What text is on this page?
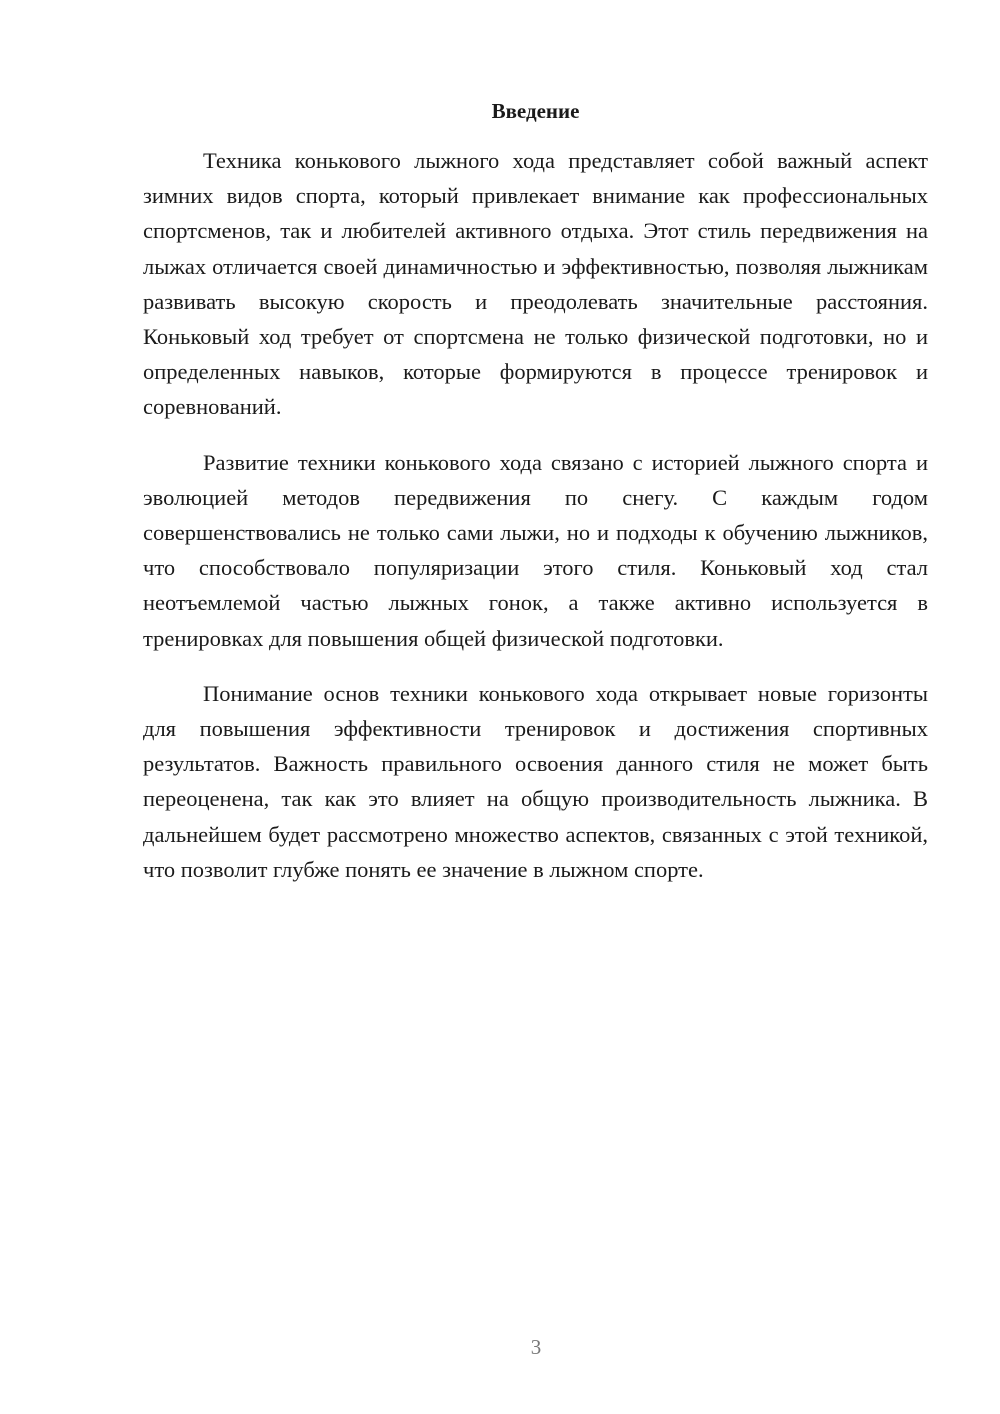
Введение

Техника конькового лыжного хода представляет собой важный аспект зимних видов спорта, который привлекает внимание как профессиональных спортсменов, так и любителей активного отдыха. Этот стиль передвижения на лыжах отличается своей динамичностью и эффективностью, позволяя лыжникам развивать высокую скорость и преодолевать значительные расстояния. Коньковый ход требует от спортсмена не только физической подготовки, но и определенных навыков, которые формируются в процессе тренировок и соревнований.

Развитие техники конькового хода связано с историей лыжного спорта и эволюцией методов передвижения по снегу. С каждым годом совершенствовались не только сами лыжи, но и подходы к обучению лыжников, что способствовало популяризации этого стиля. Коньковый ход стал неотъемлемой частью лыжных гонок, а также активно используется в тренировках для повышения общей физической подготовки.

Понимание основ техники конькового хода открывает новые горизонты для повышения эффективности тренировок и достижения спортивных результатов. Важность правильного освоения данного стиля не может быть переоценена, так как это влияет на общую производительность лыжника. В дальнейшем будет рассмотрено множество аспектов, связанных с этой техникой, что позволит глубже понять ее значение в лыжном спорте.

3
